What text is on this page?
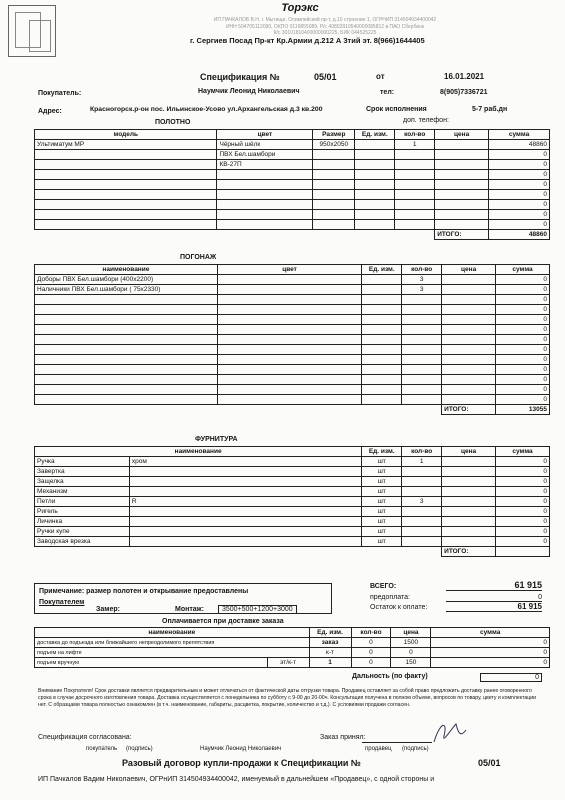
Торэкс
ИП ПАЧКАЛОВ В.Н. г. Мытищи, Олимпийский пр-т, д.10 строение 1, ОГРНИП 314504934400042
ИНН 504705112090, ОКПО 0119855089, Р/с 40802810540000085812 в ПАО Сбербанк
К/с 30101810400000000225, БИК 044525225
г. Сергиев Посад Пр-кт Кр.Армии д.212 А 3тий эт. 8(966)1644405
Спецификация №	05/01	от	16.01.2021
Покупатель:	Наумчик Леонид Николаевич	тел:	8(905)7336721
Адрес:	Красногорск.р-он пос. Ильинское-Усово ул.Архангельская д.3 кв.200	Срок исполнения	5-7 раб.дн
доп. телефон:
ПОЛОТНО
модель	цвет	Размер	Ед. изм.	кол-во	цена	сумма
Ультиматум МР	Чёрный шёлк	950х2050		1		48860
	ПВХ Бел.шамбори					0
	КВ-27П					0
						0
						0
						0
						0
						0
						0
					ИТОГО:	48860
ПОГОНАЖ
наименование	цвет	Ед. изм.	кол-во	цена	сумма
Доборы ПВХ Бел.шамбори (400х2200)			3		0
Наличники ПВХ Бел.шамбори ( 75х2330)			3		0
					0
					0
					0
					0
					0
					0
					0
					0
					0
					0
					0
				ИТОГО:	13055
ФУРНИТУРА
наименование		Ед. изм.	кол-во	цена	сумма
Ручка	хром	шт	1		0
Завертка		шт			0
Защелка		шт			0
Механизм		шт			0
Петли	R	шт	3		0
Ригель		шт			0
Личинка		шт			0
Ручки купе		шт			0
Заводская врезка		шт			0
				ИТОГО:	
Примечание: размер полотен и открывание предоставлены
Покупателем
Замер:	Монтаж:	3500+500+1200+3000
ВСЕГО:	61 915
предоплата:	0
Остаток к оплате:	61 915
Оплачивается при доставке заказа
наименование		Ед. изм.	кол-во	цена	сумма
доставка до подъезда или ближайшего непреодолимого препятствия		заказ	0	1500	0
подъем на лифте		к-т	0	0	0
подъем вручную	эт/к-т	1	0	150	0
Дальность (по факту)	0
Внимание Покупателя! Срок доставки является предварительным и может отличаться от фактической даты отгрузки товара. Продавец оставляет за собой право предложить доставку ранее оговоренного срока в случае досрочного изготовления товара. Доставка осуществляется с понедельника по субботу с 9-00 до 20-00ч. Консультация получена в полном объеме, вопросов по товару, цвету и комплектации нет. С образцами товара полностью ознакомлен (в т.ч. наименование, габариты, расцветка, покрытие, количество и т.д.). С условиями продажи согласен.
Спецификация согласована:	Заказ принял:
покупатель (подпись)	Наумчик Леонид Николаевич	продавец (подпись)
Разовый договор купли-продажи к Спецификации №	05/01
ИП Пачкалов Вадим Николаевич, ОГРнИП 314504934400042, именуемый в дальнейшем «Продавец», с одной стороны и
